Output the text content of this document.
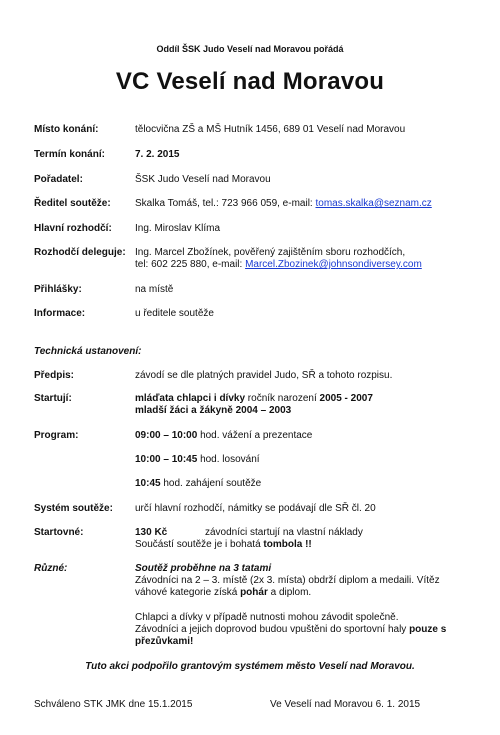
Oddíl ŠSK Judo Veselí nad Moravou pořádá
VC Veselí nad Moravou
Místo konání:	tělocvična ZŠ a MŠ Hutník 1456, 689 01 Veselí nad Moravou
Termín konání:	7. 2. 2015
Pořadatel:	ŠSK Judo Veselí nad Moravou
Ředitel soutěže: Skalka Tomáš, tel.: 723 966 059, e-mail: tomas.skalka@seznam.cz
Hlavní rozhodčí: Ing. Miroslav Klíma
Rozhodčí deleguje: Ing. Marcel Zbožínek, pověřený zajištěním sboru rozhodčích,
tel: 602 225 880, e-mail: Marcel.Zbozinek@johnsondiversey.com
Přihlášky:	na místě
Informace:	u ředitele soutěže
Technická ustanovení:
Předpis:	závodí se dle platných pravidel Judo, SŘ a tohoto rozpisu.
Startují:	mláďata chlapci i dívky ročník narození 2005 - 2007
mladší žáci a žákyně 2004 – 2003
Program:	09:00 – 10:00 hod. vážení a prezentace
10:00 – 10:45 hod. losování
10:45 hod. zahájení soutěže
Systém soutěže: určí hlavní rozhodčí, námitky se podávají dle SŘ čl. 20
Startovné:	130 Kč	závodníci startují na vlastní náklady
Součástí soutěže je i bohatá tombola !!
Různé:	Soutěž proběhne na 3 tatami
Závodníci na 2 – 3. místě (2x 3. místa) obdrží diplom a medaili. Vítěz
váhové kategorie získá pohár a diplom.
Chlapci a dívky v případě nutnosti mohou závodit společně.
Závodníci a jejich doprovod budou vpuštěni do sportovní haly pouze s
přezůvkami!
Tuto akci podpořilo grantovým systémem město Veselí nad Moravou.
Schváleno STK JMK dne 15.1.2015	Ve Veselí nad Moravou 6. 1. 2015
